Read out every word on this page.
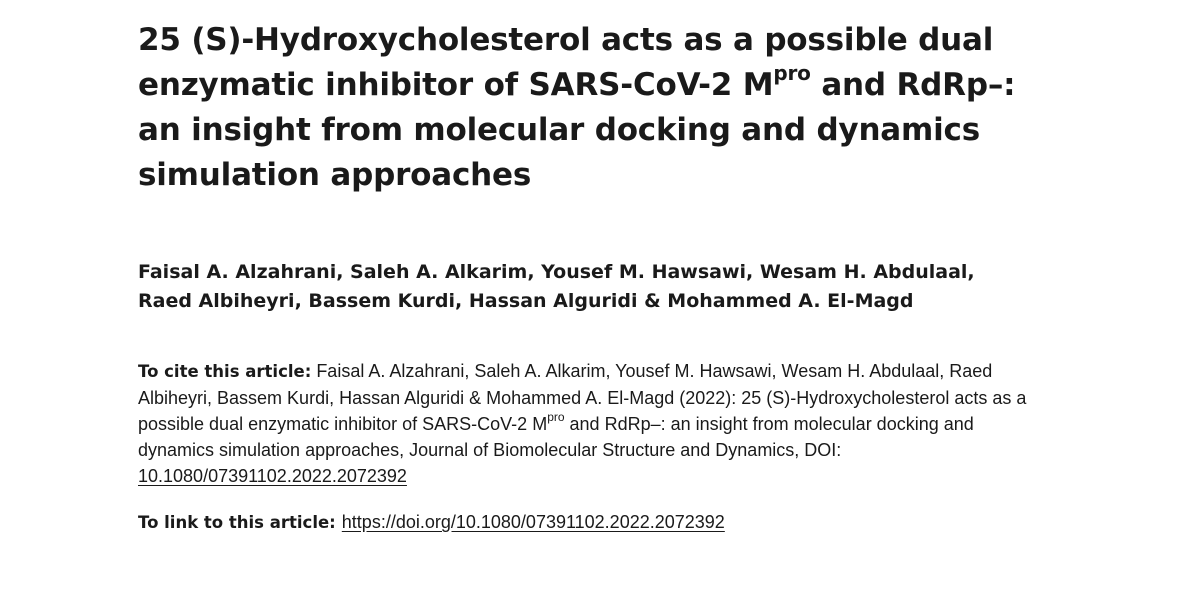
25 (S)-Hydroxycholesterol acts as a possible dual enzymatic inhibitor of SARS-CoV-2 $M^{pro}$ and RdRp–: an insight from molecular docking and dynamics simulation approaches

Faisal A. Alzahrani, Saleh A. Alkarim, Yousef M. Hawsawi, Wesam H. Abdulaal, Raed Albiheyri, Bassem Kurdi, Hassan Alguridi & Mohammed A. El-Magd

To cite this article: Faisal A. Alzahrani, Saleh A. Alkarim, Yousef M. Hawsawi, Wesam H. Abdulaal, Raed Albiheyri, Bassem Kurdi, Hassan Alguridi & Mohammed A. El-Magd (2022): 25 (S)-Hydroxycholesterol acts as a possible dual enzymatic inhibitor of SARS-CoV-2 $M^{pro}$ and RdRp–: an insight from molecular docking and dynamics simulation approaches, Journal of Biomolecular Structure and Dynamics, DOI: 10.1080/07391102.2022.2072392

To link to this article: https://doi.org/10.1080/07391102.2022.2072392
